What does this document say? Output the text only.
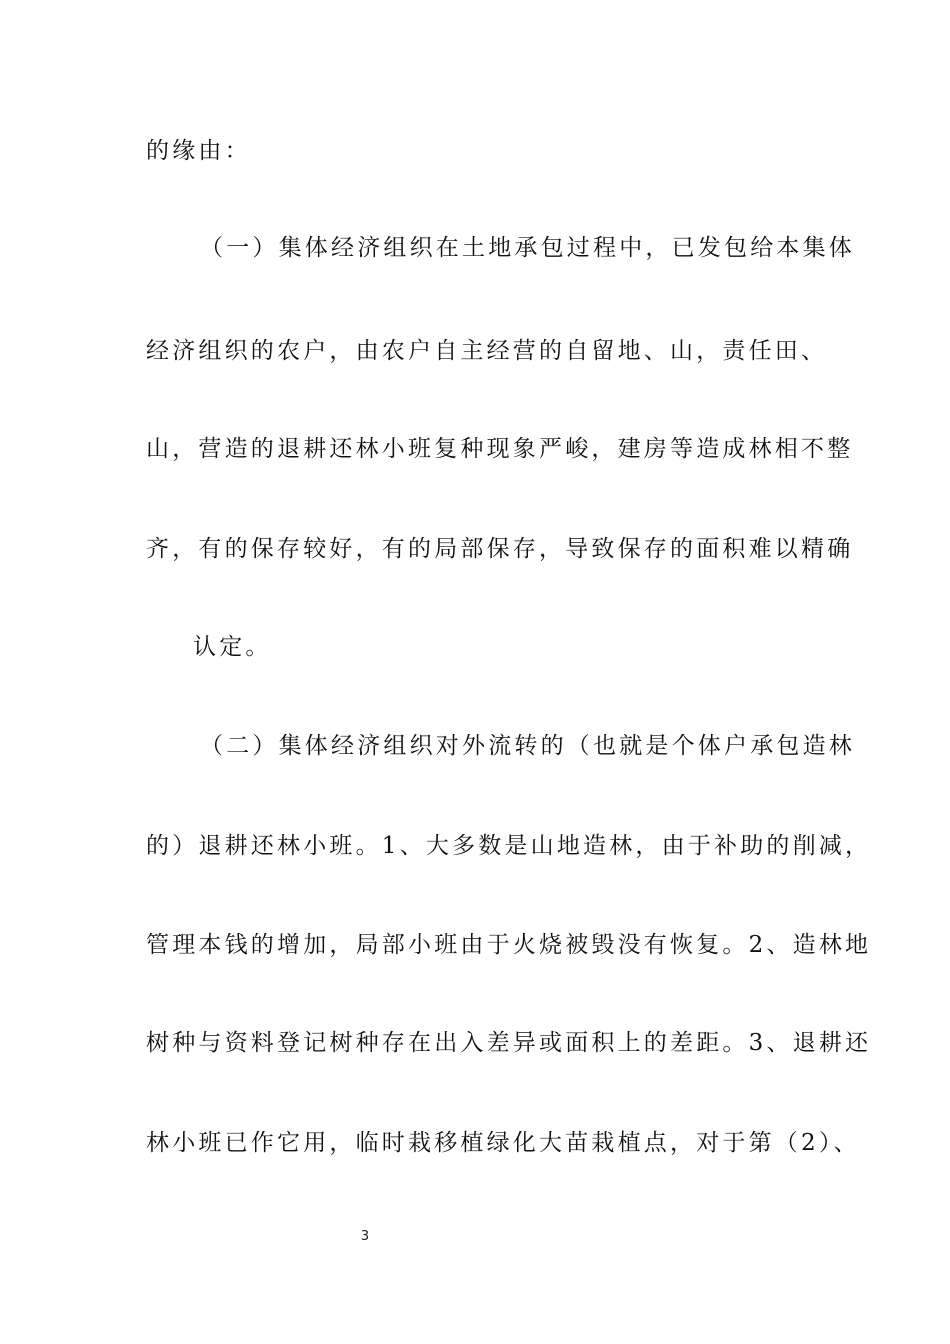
的缘由：
（一）集体经济组织在土地承包过程中，已发包给本集体
经济组织的农户，由农户自主经营的自留地、山，责任田、
山，营造的退耕还林小班复种现象严峻，建房等造成林相不整
齐，有的保存较好，有的局部保存，导致保存的面积难以精确
认定。
（二）集体经济组织对外流转的（也就是个体户承包造林
的）退耕还林小班。1、大多数是山地造林，由于补助的削减，
管理本钱的增加，局部小班由于火烧被毁没有恢复。2、造林地
树种与资料登记树种存在出入差异或面积上的差距。3、退耕还
林小班已作它用，临时栽移植绿化大苗栽植点，对于第（2）、
3
